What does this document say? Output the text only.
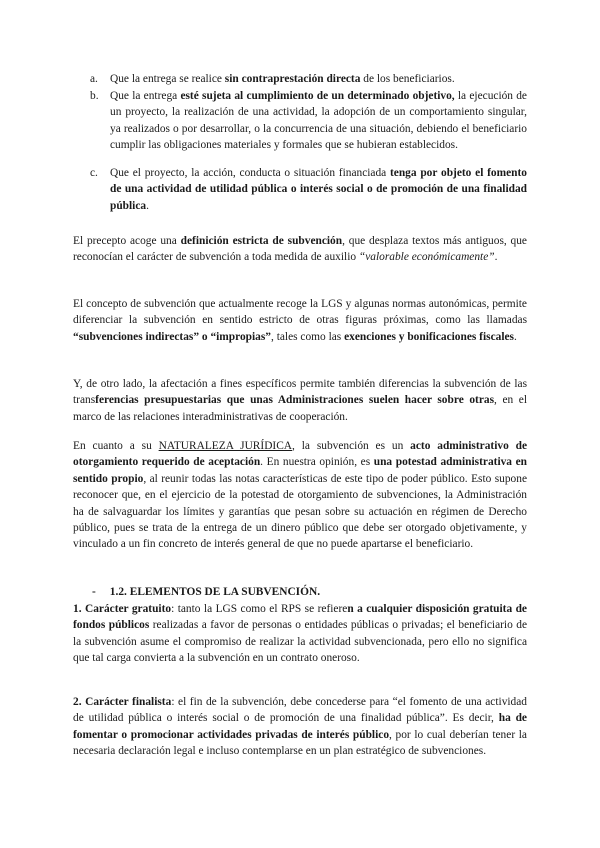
a. Que la entrega se realice sin contraprestación directa de los beneficiarios.
b. Que la entrega esté sujeta al cumplimiento de un determinado objetivo, la ejecución de un proyecto, la realización de una actividad, la adopción de un comportamiento singular, ya realizados o por desarrollar, o la concurrencia de una situación, debiendo el beneficiario cumplir las obligaciones materiales y formales que se hubieran establecidos.
c. Que el proyecto, la acción, conducta o situación financiada tenga por objeto el fomento de una actividad de utilidad pública o interés social o de promoción de una finalidad pública.
El precepto acoge una definición estricta de subvención, que desplaza textos más antiguos, que reconocían el carácter de subvención a toda medida de auxilio “valorable económicamente”.
El concepto de subvención que actualmente recoge la LGS y algunas normas autonómicas, permite diferenciar la subvención en sentido estricto de otras figuras próximas, como las llamadas “subvenciones indirectas” o “impropias”, tales como las exenciones y bonificaciones fiscales.
Y, de otro lado, la afectación a fines específicos permite también diferencias la subvención de las transferencias presupuestarias que unas Administraciones suelen hacer sobre otras, en el marco de las relaciones interadministrativas de cooperación.
En cuanto a su NATURALEZA JURÍDICA, la subvención es un acto administrativo de otorgamiento requerido de aceptación. En nuestra opinión, es una potestad administrativa en sentido propio, al reunir todas las notas características de este tipo de poder público. Esto supone reconocer que, en el ejercicio de la potestad de otorgamiento de subvenciones, la Administración ha de salvaguardar los límites y garantías que pesan sobre su actuación en régimen de Derecho público, pues se trata de la entrega de un dinero público que debe ser otorgado objetivamente, y vinculado a un fin concreto de interés general de que no puede apartarse el beneficiario.
- 1.2. ELEMENTOS DE LA SUBVENCIÓN.
1. Carácter gratuito: tanto la LGS como el RPS se refieren a cualquier disposición gratuita de fondos públicos realizadas a favor de personas o entidades públicas o privadas; el beneficiario de la subvención asume el compromiso de realizar la actividad subvencionada, pero ello no significa que tal carga convierta a la subvención en un contrato oneroso.
2. Carácter finalista: el fin de la subvención, debe concederse para “el fomento de una actividad de utilidad pública o interés social o de promoción de una finalidad pública”. Es decir, ha de fomentar o promocionar actividades privadas de interés público, por lo cual deberían tener la necesaria declaración legal e incluso contemplarse en un plan estratégico de subvenciones.
